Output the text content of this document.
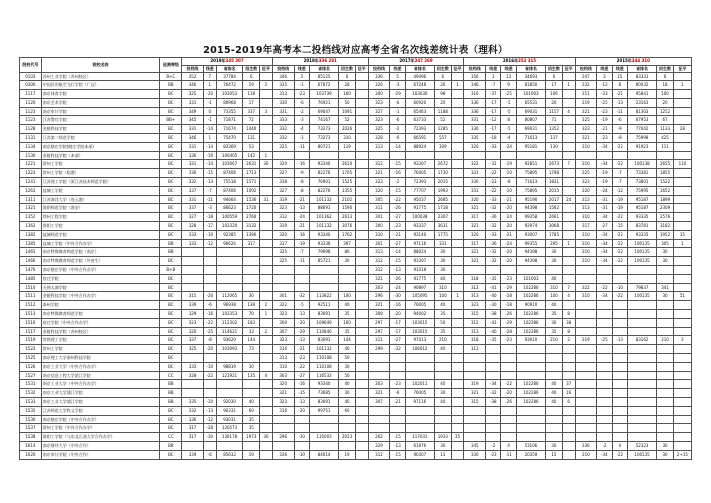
2015-2019年高考本二投档线对应高考全省名次线差统计表（理科）
院校代号	院校名称	选测等级	2019年345 307					2018年336 281					2017年347 269					2016年353 315						2015年344 310					
			投档线	线差	省排名	招生数	征平	投档线	线差	省排名	招生数	征平	投档线	线差	省排名	招生数	征平	投档线	线差	线差	省排名	招生数	征平	投档线	线差	线差	省排名	招生数	征平
0103	苏州工业学院（苏州校区）	B+C	352	7	37784	6		346	3	85125	6		336	5	49496	6		356	3	13	34693	6		347	3	15	83331	6	
0306	中国民用航空飞行学院（广汉）	BB	346	1	76472	19	2	335	-1	67872	28		326	-3	67248	26	1	346	-7	9	81850	17	1	332	-12	8	80032	18	1
1117	南京体育学院	BC	325	-20	103053	118		313	-23	103739	160		300	-29	103030	98		316	-37	-25	101003	106		311	-33	-21	95841	100	
1120	南京艺术学院	BC	331	-1	80968	17		330	-6	76921	50		323	-6	60920	20		336	-17	-5	65531	20		319	-25	-13	23163	20	
1123	南京审计学院	BC	349	0	73355	337	3	331	-2	69047	1091		327	-1	65463	1188		336	-17	-5	69031	1157	4	321	-23	-11	81303	1252	
1123	江苏警官学院	BB+	345	-1	71871	72		333	-3	74167	52		323	-6	63733	52		331	-12	8	80807	71		325	-19	-6	67953	67	
1128	金陵科技学院	BC	331	-14	71674	1040		332	-4	73273	2026		325	-2	72393	1285		336	-17	-5	69031	1352		323	-21	-9	77042	1133	28
1131	江苏第二师范学院	BC	346	1	75470	131		332	-1	73273	310		328	-6	66591	557		335	-18	-4	71613	137		321	-23	-8	75998	425	
1134	南京晓庄学院(晓庄学院本部)	BC	331	-14	83369	53		325	-11	80721	119		313	-14	88924	109		320	-33	-24	95181	130		310	-34	-22	91923	111	
1136	金陵科技学院（本部）	BC	336	-19	100405	142	1																						
1221	常州工学院	BC	331	-14	103067	2631	30	320	-16	93340	2610		312	-15	93307	2672		322	-31	-19	92851	2673	7	310	-34	-22	100138	2655	110
1223	常州工学院（临港）	BC	330	-15	87406	1713		327	-9	82276	1705		321	-16	76005	1730		331	-22	-10	75895	1798		325	-19	-7	73381	1855	
1241	江苏理工学院（原江苏技术师范学院）	BC	332	-13	75518	1571		338	-8	76901	1525		323	-2	72393	2015		330	-23	-8	71613	1831		323	-19	-7	73801	1522	
1263	盐城工学院	BC	337	-7	87406	1092		327	-8	82276	1355		320	-15	77707	1993		331	-22	-10	75895	2015		320	-24	-12	75995	1652	
1311	江苏海洋大学（连云港）	BC	331	-11	94664	1536	31	319	-21	101132	2102		305	-22	95037	2685		320	-33	-21	95190	2017	24	313	-31	-19	95187	1899	
1321	淮阴师范学院（淮安）	BC	337	-3	86623	1720		323	-13	88091	1590		311	-26	91775	1718		321	-32	-20	94398	1582		313	-31	-19	95187	2309	
1352	徐州工程学院	BC	327	-18	100559	2760		312	-24	101362	2613		301	-27	100038	2307		317	-36	-24	99358	2661		310	-34	-22	93335	2576	
1362	淮阴工学院	BC	328	-17	103320	3132		319	-21	101132	3076		300	-23	93337	3631		321	-32	-20	92974	3068		317	-27	-15	83781	3182	
1382	盐城师范学院	BC	333	-10	92385	1390		320	-16	93340	1762		310	-21	93140	1775		320	-33	-21	93007	1785		310	-34	-22	93335	1952	15
1385	盐城工学院（中外合作办学）	BB	333	-12	96626	317		317	-19	93336	397		301	-27	97116	331		317	-36	-24	99355	295	1	310	-34	-22	100135	305	1
1465	南京特殊教育师范学院（南京）	BB						325	-7	79698	80		313	-14	88024	30		321	-32	-20	94398	30		310	-34	-22	100135	30	
1466	南京特殊教育师范学院（外省生）	BC						325	-11	85721	30		312	-15	93307	30		321	-32	-20	94398	30		310	-34	-22	100135	30	
1476	南京晓庄学院（中外合作办学）	B+B											312	-13	91018	30													
1485	宿迁学院	BC											321	-26	91775	40		318	-35	-23	101003	40							
1510	无锡太湖学院	BC											303	-24	90897	310		312	-41	-29	102286	310	7	322	-22	-10	79837	341	
1511	金陵科技学院（中外合作办学）	BC	315	-26	112065	30		301	-32	113822	100		296	-30	105095	100	1	313	-40	-28	102286	100	4	310	-34	-22	100135	30	51
1512	泰州学院	BC	339	-6	96938	139	2	322	-5	92511	40		321	-16	76005	40		323	-30	-18	90910	40							
1513	南京特殊教育师范学院	BC	329	-16	103353	70	1	323	-13	83091	35		309	-20	94002	35		315	-38	-26	102286	35	8						
1516	宿迁学院（中外合作办学）	BC	323	-22	112302	183		300	-20	109649	100		297	-17	103015	50		312	-41	-29	102286	30	38						
1517	金陵科技学院（苏州校区）	BC	320	-25	114621	33	2	307	-29	110846	35		297	-17	103015	35		313	-40	-28	102286	35	8						
1519	常熟理工学院	BC	337	-8	93620	144		323	-13	83091	144		311	-27	97013	210		318	-35	-23	93910	210	2	319	-25	-13	83162	210	3
1522	常州工学院	BC	325	-20	103093	73		316	-21	101132	40		299	-32	106612	40		313											
1525	南京理工大学泰州科技学院	BC						313	-23	110108	50																		
1526	南京工业大学（中外合作办学）	BC	333	-10	98819	30		310	-22	110108	30																		
1527	南京信息工程大学滨江学院	CC	328	-22	121921	135	4	303	-27	116532	50																		
1531	南京工业大学（中外合作办学）	BB						320	-16	93340	40		303	-23	102011	40		319	-34	-22	102286	40	37						
1532	南京工业大学浦江学院	BB						321	-15	73685	30		321	-6	76005	30		321	-32	-20	102286	40	16						
1533	南京工业大学浦江学院	BB	335	-10	92030	40		323	-13	83091	40		307	-21	97116	40		315	-38	-26	102286	40	6						
1535	江苏师范大学科文学院	BC	332	-13	90331	60		316	-20	99751	60																		
1536	南京晓庄学院（中外合作办学）	BC	336	-12	93031	35																							
1537	常州工学院（中外合作办学）	BC	317	-28	120573	35																							
1538	淮阴工学院（与东北石油大学合作办学）	CC	317	-30	136178	1973	30	296	-10	135003	2013		262	-15	117031	1933	35												
1614	南京财经大学（中外合作）	BB											329	-13	61976	30		345	-2	4	53106	30		336	-2	4	52323	30	
1620	南京审计学院（中外合作）	BC	339	-6	85632	19		336	-10	84014	19		312	-15	90307	15		330	-23	-11	20359	15		310	-34	-22	100135	30	2+15
